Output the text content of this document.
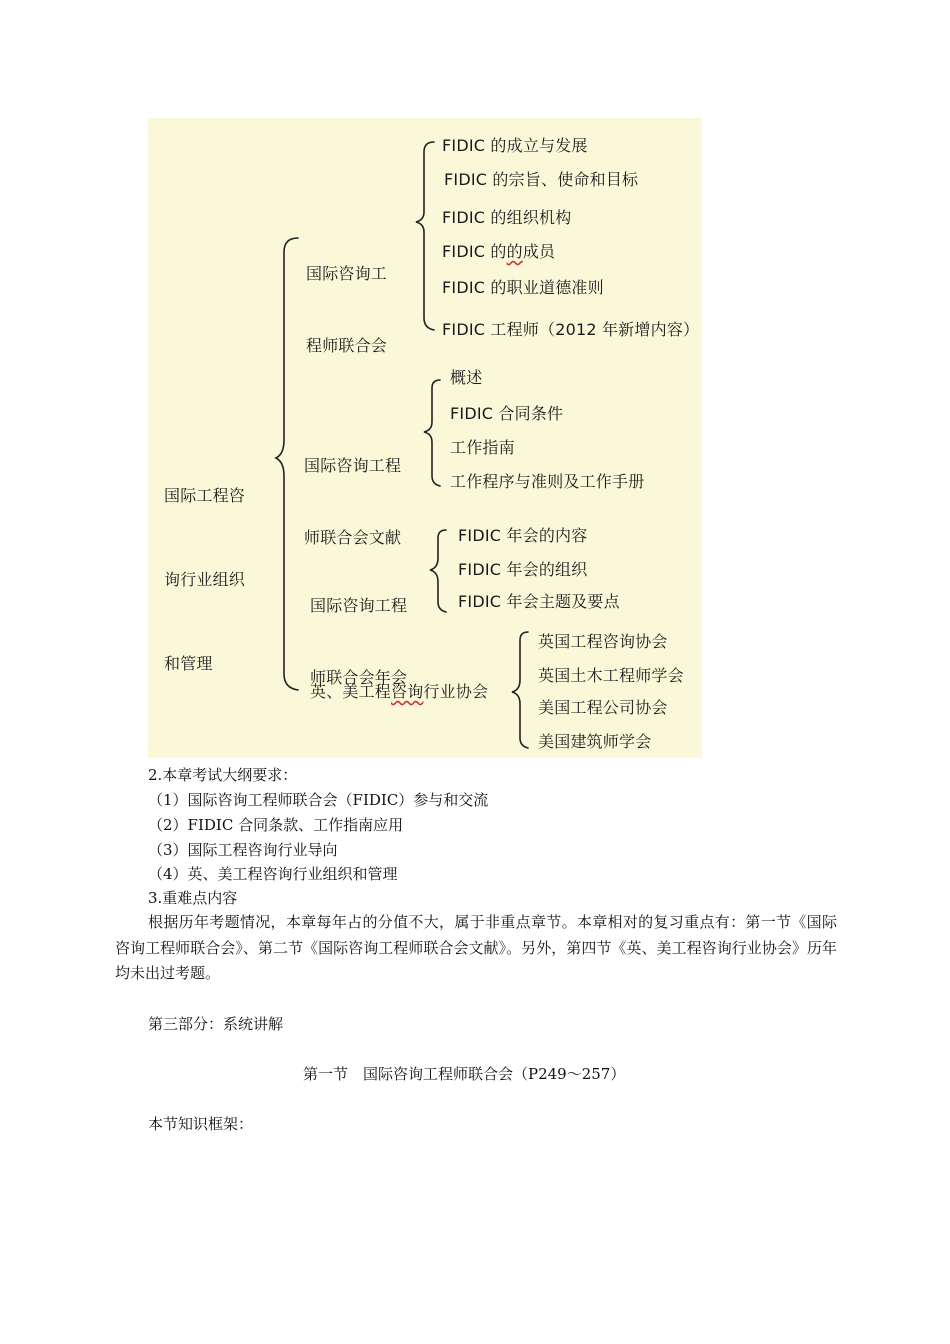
国际工程咨

询行业组织

和管理

国际咨询工

程师联合会

FIDIC 的成立与发展
FIDIC 的宗旨、使命和目标
FIDIC 的组织机构
FIDIC 的的成员
FIDIC 的职业道德准则
FIDIC 工程师（2012 年新增内容）

国际咨询工程

师联合会文献

概述
FIDIC 合同条件
工作指南
工作程序与准则及工作手册

国际咨询工程

师联合会年会

FIDIC 年会的内容
FIDIC 年会的组织
FIDIC 年会主题及要点
英、美工程咨询行业协会
英国工程咨询协会
英国土木工程师学会
美国工程公司协会
美国建筑师学会
2.本章考试大纲要求：
（1）国际咨询工程师联合会（FIDIC）参与和交流
（2）FIDIC 合同条款、工作指南应用
（3）国际工程咨询行业导向
（4）英、美工程咨询行业组织和管理
3.重难点内容
根据历年考题情况，本章每年占的分值不大，属于非重点章节。本章相对的复习重点有：第一节《国际咨询工程师联合会》、第二节《国际咨询工程师联合会文献》。另外，第四节《英、美工程咨询行业协会》历年均未出过考题。
第三部分：系统讲解
第一节　国际咨询工程师联合会（P249～257）
本节知识框架：
